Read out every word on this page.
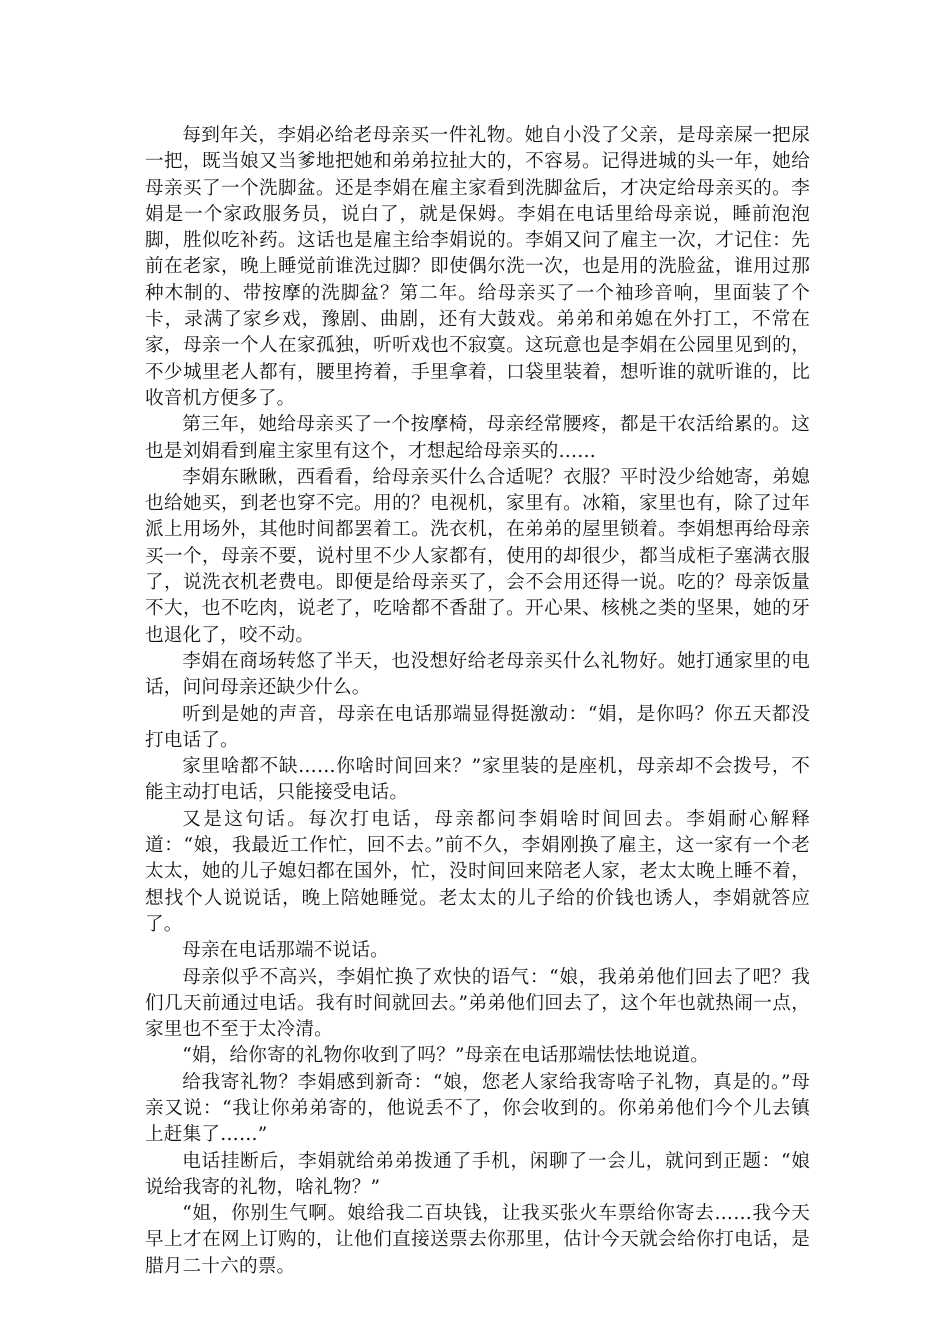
每到年关，李娟必给老母亲买一件礼物。她自小没了父亲，是母亲屎一把尿一把，既当娘又当爹地把她和弟弟拉扯大的，不容易。记得进城的头一年，她给母亲买了一个洗脚盆。还是李娟在雇主家看到洗脚盆后，才决定给母亲买的。李娟是一个家政服务员，说白了，就是保姆。李娟在电话里给母亲说，睡前泡泡脚，胜似吃补药。这话也是雇主给李娟说的。李娟又问了雇主一次，才记住：先前在老家，晚上睡觉前谁洗过脚？即使偶尔洗一次，也是用的洗脸盆，谁用过那种木制的、带按摩的洗脚盆？第二年。给母亲买了一个袖珍音响，里面装了个卡，录满了家乡戏，豫剧、曲剧，还有大鼓戏。弟弟和弟媳在外打工，不常在家，母亲一个人在家孤独，听听戏也不寂寞。这玩意也是李娟在公园里见到的，不少城里老人都有，腰里挎着，手里拿着，口袋里装着，想听谁的就听谁的，比收音机方便多了。

第三年，她给母亲买了一个按摩椅，母亲经常腰疼，都是干农活给累的。这也是刘娟看到雇主家里有这个，才想起给母亲买的……

李娟东瞅瞅，西看看，给母亲买什么合适呢？衣服？平时没少给她寄，弟媳也给她买，到老也穿不完。用的？电视机，家里有。冰箱，家里也有，除了过年派上用场外，其他时间都罢着工。洗衣机，在弟弟的屋里锁着。李娟想再给母亲买一个，母亲不要，说村里不少人家都有，使用的却很少，都当成柜子塞满衣服了，说洗衣机老费电。即便是给母亲买了，会不会用还得一说。吃的？母亲饭量不大，也不吃肉，说老了，吃啥都不香甜了。开心果、核桃之类的坚果，她的牙也退化了，咬不动。

李娟在商场转悠了半天，也没想好给老母亲买什么礼物好。她打通家里的电话，问问母亲还缺少什么。

听到是她的声音，母亲在电话那端显得挺激动：“娟，是你吗？你五天都没打电话了。

家里啥都不缺……你啥时间回来？”家里装的是座机，母亲却不会拨号，不能主动打电话，只能接受电话。

又是这句话。每次打电话，母亲都问李娟啥时间回去。李娟耐心解释道：“娘，我最近工作忙，回不去。”前不久，李娟刚换了雇主，这一家有一个老太太，她的儿子媳妇都在国外，忙，没时间回来陪老人家，老太太晚上睡不着，想找个人说说话，晚上陪她睡觉。老太太的儿子给的价钱也诱人，李娟就答应了。

母亲在电话那端不说话。

母亲似乎不高兴，李娟忙换了欢快的语气：“娘，我弟弟他们回去了吧？我们几天前通过电话。我有时间就回去。”弟弟他们回去了，这个年也就热闹一点，家里也不至于太冷清。

“娟，给你寄的礼物你收到了吗？”母亲在电话那端怯怯地说道。

给我寄礼物？李娟感到新奇：“娘，您老人家给我寄啥子礼物，真是的。”母亲又说：“我让你弟弟寄的，他说丢不了，你会收到的。你弟弟他们今个儿去镇上赶集了……”

电话挂断后，李娟就给弟弟拨通了手机，闲聊了一会儿，就问到正题：“娘说给我寄的礼物，啥礼物？”

“姐，你别生气啊。娘给我二百块钱，让我买张火车票给你寄去……我今天早上才在网上订购的，让他们直接送票去你那里，估计今天就会给你打电话，是腊月二十六的票。
